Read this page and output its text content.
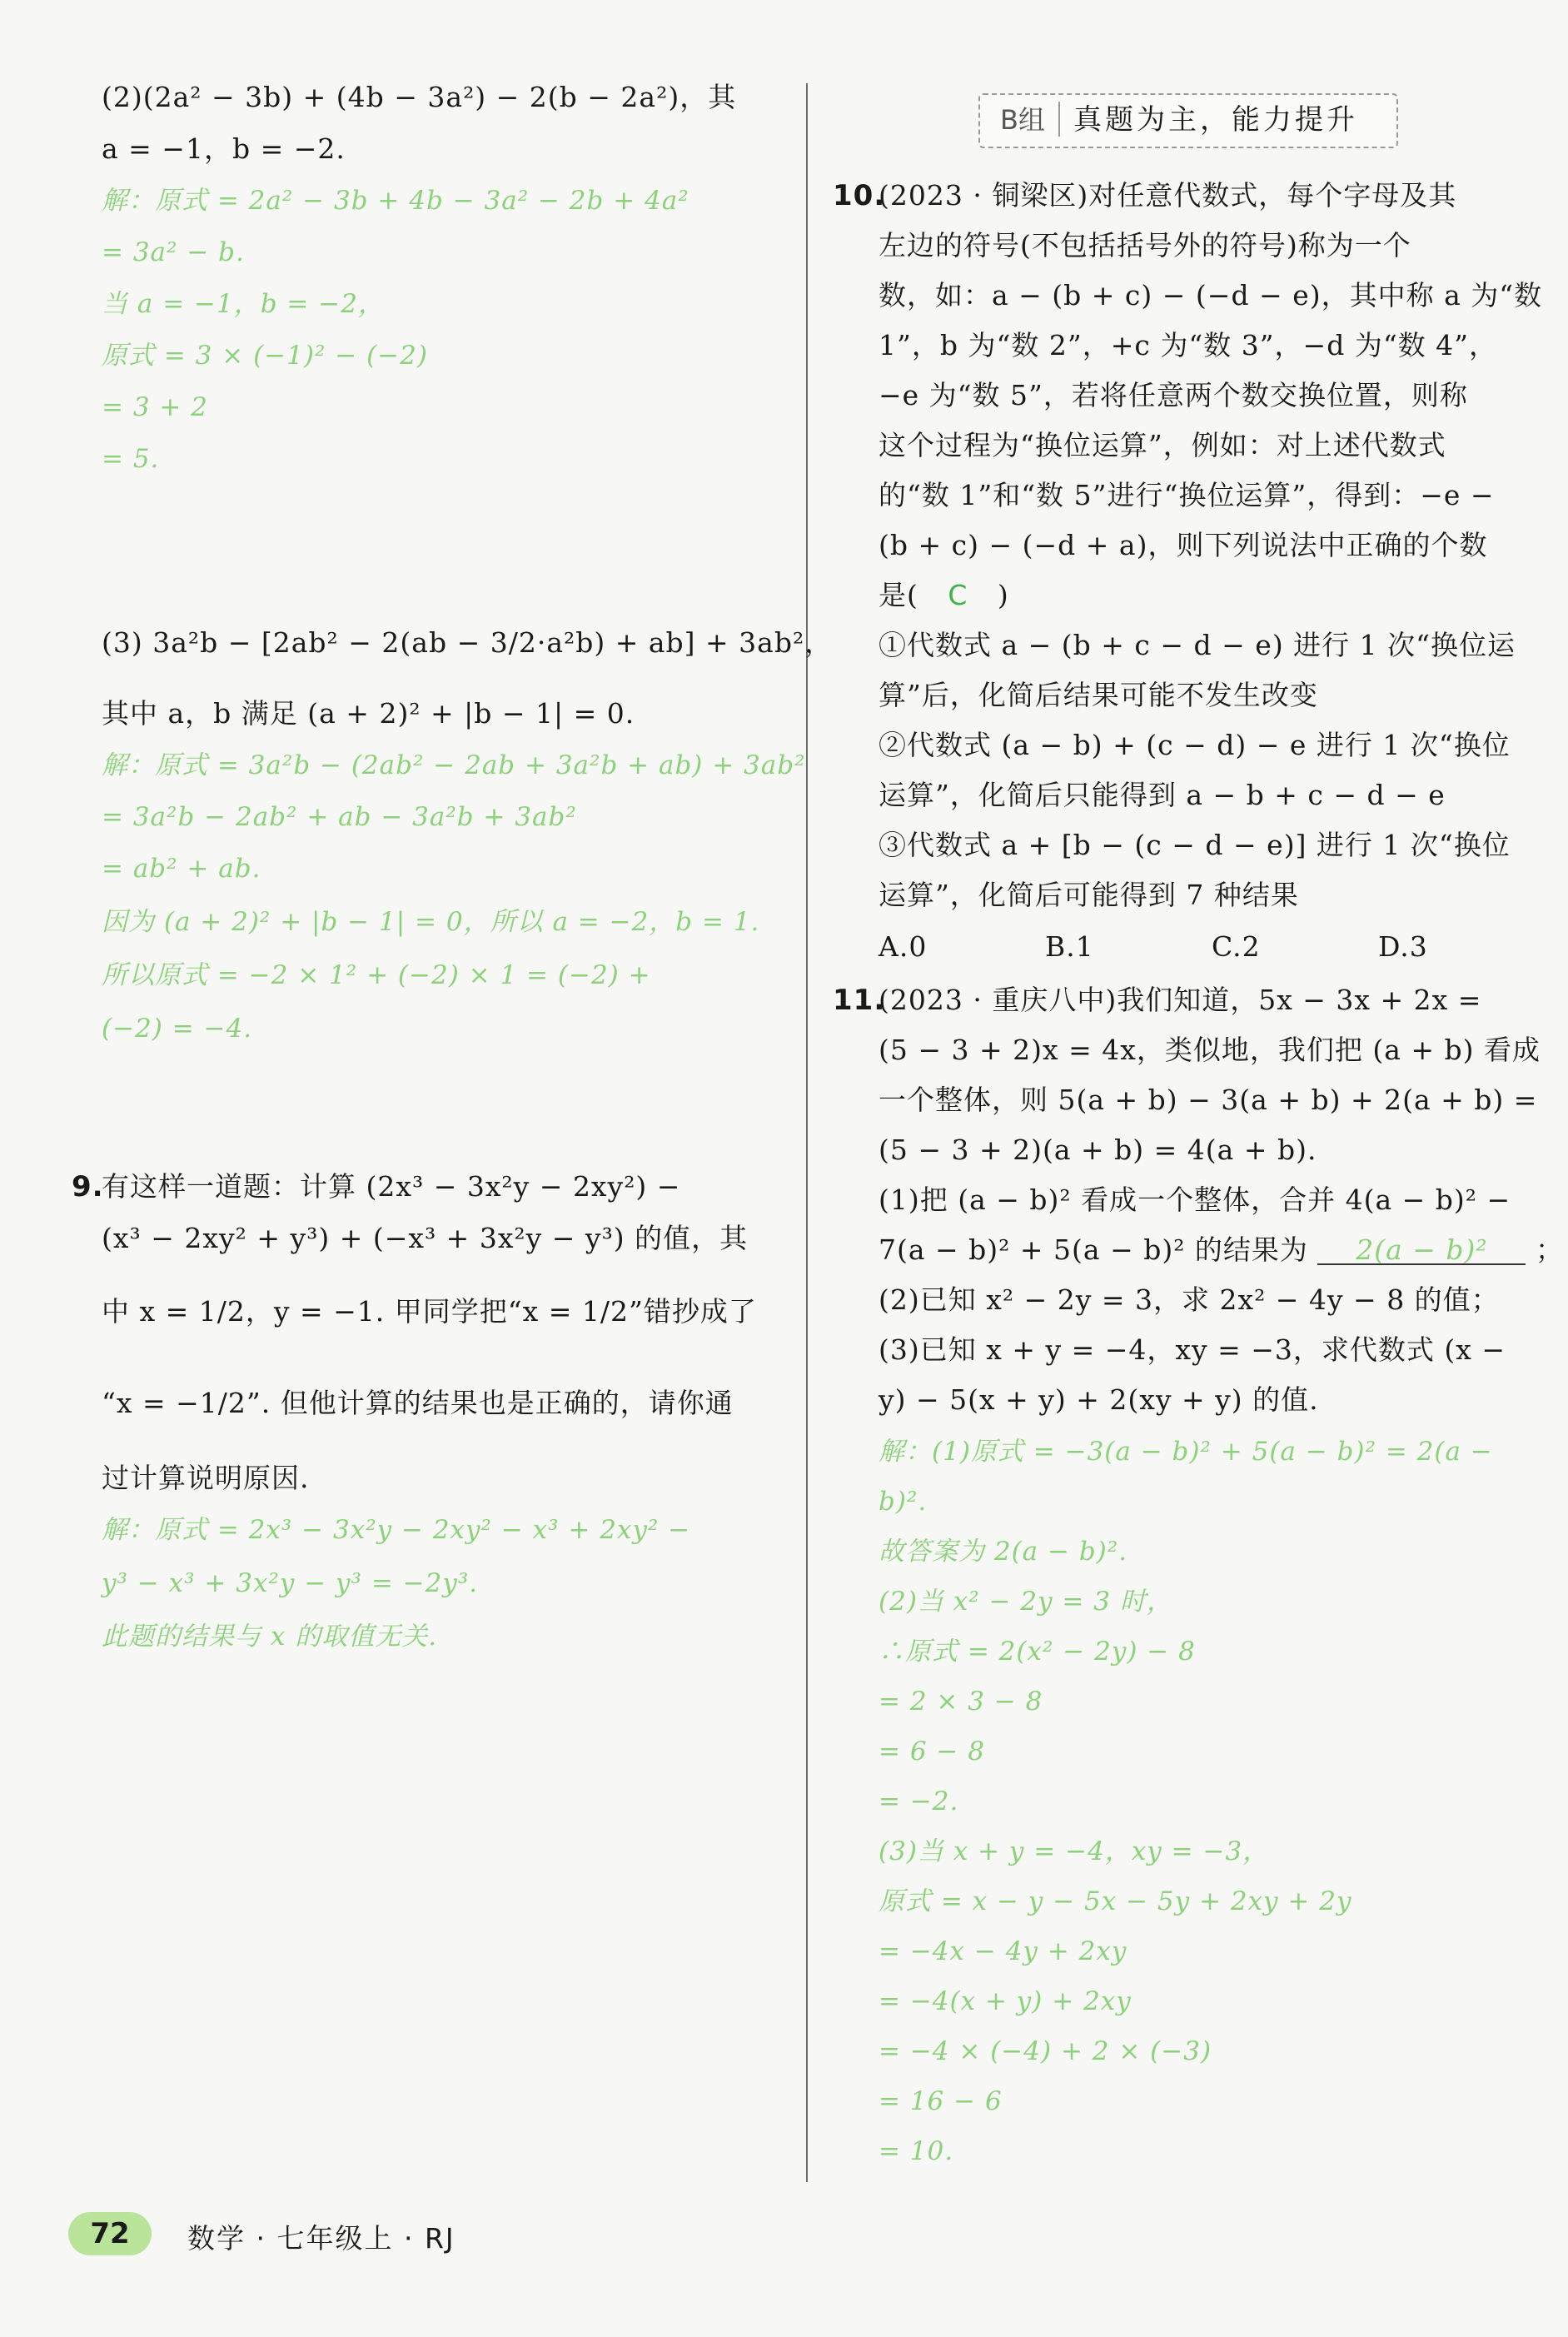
(2)(2a² − 3b) + (4b − 3a²) − 2(b − 2a²)，其
a = −1，b = −2.
解：原式 = 2a² − 3b + 4b − 3a² − 2b + 4a²
= 3a² − b.
当 a = −1，b = −2，
原式 = 3 × (−1)² − (−2)
= 3 + 2
= 5.
(3) 3a²b − [2ab² − 2(ab − 3/2·a²b) + ab] + 3ab²，
其中 a，b 满足 (a + 2)² + |b − 1| = 0.
解：原式 = 3a²b − (2ab² − 2ab + 3a²b + ab) + 3ab²
= 3a²b − 2ab² + ab − 3a²b + 3ab²
= ab² + ab.
因为 (a + 2)² + |b − 1| = 0，所以 a = −2，b = 1.
所以原式 = −2 × 1² + (−2) × 1 = (−2) +
(−2) = −4.
9.
有这样一道题：计算 (2x³ − 3x²y − 2xy²) −
(x³ − 2xy² + y³) + (−x³ + 3x²y − y³) 的值，其
中 x = 1/2，y = −1. 甲同学把“x = 1/2”错抄成了
“x = −1/2”. 但他计算的结果也是正确的，请你通
过计算说明原因.
解：原式 = 2x³ − 3x²y − 2xy² − x³ + 2xy² −
y³ − x³ + 3x²y − y³ = −2y³.
此题的结果与 x 的取值无关.
B组	真题为主，能力提升
10.
(2023 · 铜梁区)对任意代数式，每个字母及其
左边的符号(不包括括号外的符号)称为一个
数，如：a − (b + c) − (−d − e)，其中称 a 为“数
1”，b 为“数 2”，+c 为“数 3”，−d 为“数 4”，
−e 为“数 5”，若将任意两个数交换位置，则称
这个过程为“换位运算”，例如：对上述代数式
的“数 1”和“数 5”进行“换位运算”，得到：−e −
(b + c) − (−d + a)，则下列说法中正确的个数
是( C )
①代数式 a − (b + c − d − e) 进行 1 次“换位运
算”后，化简后结果可能不发生改变
②代数式 (a − b) + (c − d) − e 进行 1 次“换位
运算”，化简后只能得到 a − b + c − d − e
③代数式 a + [b − (c − d − e)] 进行 1 次“换位
运算”，化简后可能得到 7 种结果
A.0	B.1	C.2	D.3
11.
(2023 · 重庆八中)我们知道，5x − 3x + 2x =
(5 − 3 + 2)x = 4x，类似地，我们把 (a + b) 看成
一个整体，则 5(a + b) − 3(a + b) + 2(a + b) =
(5 − 3 + 2)(a + b) = 4(a + b).
(1)把 (a − b)² 看成一个整体，合并 4(a − b)² −
7(a − b)² + 5(a − b)² 的结果为 2(a − b)² ；
(2)已知 x² − 2y = 3，求 2x² − 4y − 8 的值；
(3)已知 x + y = −4，xy = −3，求代数式 (x −
y) − 5(x + y) + 2(xy + y) 的值.
解：(1)原式 = −3(a − b)² + 5(a − b)² = 2(a −
b)².
故答案为 2(a − b)².
(2)当 x² − 2y = 3 时，
∴原式 = 2(x² − 2y) − 8
= 2 × 3 − 8
= 6 − 8
= −2.
(3)当 x + y = −4，xy = −3，
原式 = x − y − 5x − 5y + 2xy + 2y
= −4x − 4y + 2xy
= −4(x + y) + 2xy
= −4 × (−4) + 2 × (−3)
= 16 − 6
= 10.
72	数学 · 七年级上 · RJ
